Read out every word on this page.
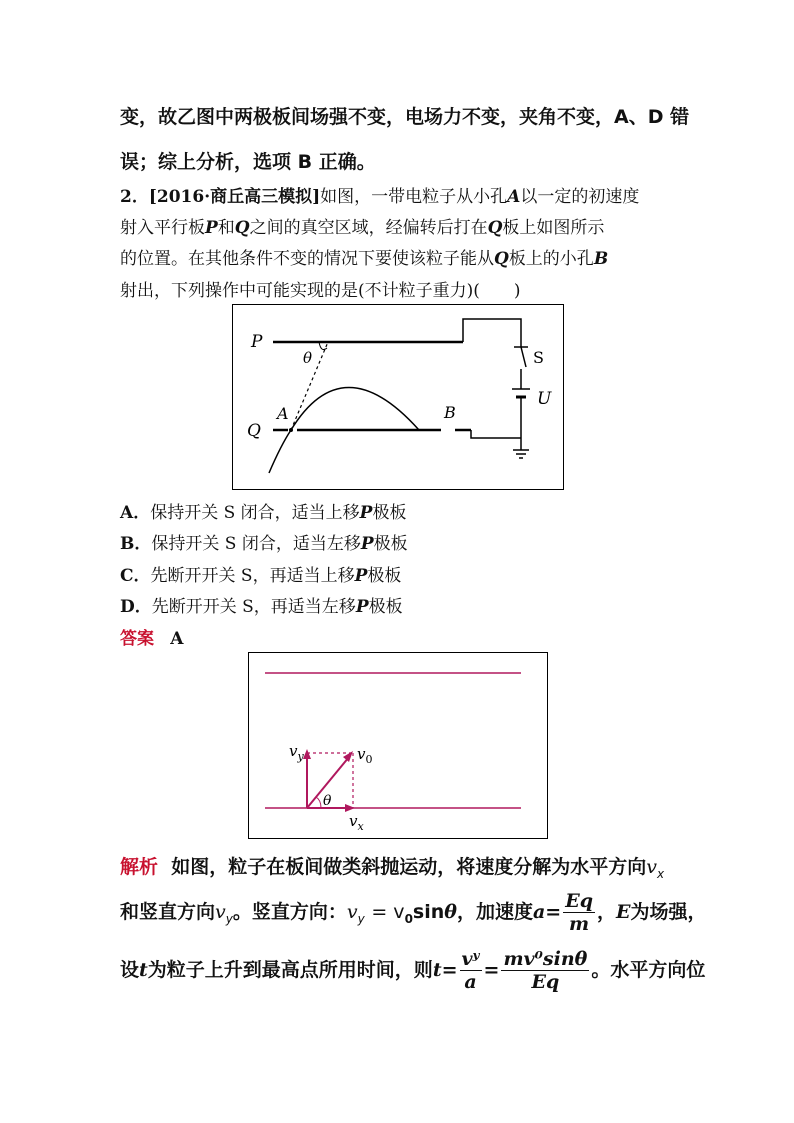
变，故乙图中两极板间场强不变，电场力不变，夹角不变，A、D 错
误；综上分析，选项 B 正确。
2．[2016·商丘高三模拟]如图，一带电粒子从小孔A以一定的初速度
射入平行板P和Q之间的真空区域，经偏转后打在Q板上如图所示
的位置。在其他条件不变的情况下要使该粒子能从Q板上的小孔B
射出，下列操作中可能实现的是(不计粒子重力)(　　)
P
Q
A	B
θ	S
U
A．保持开关 S 闭合，适当上移P极板
B．保持开关 S 闭合，适当左移P极板
C．先断开开关 S，再适当上移P极板
D．先断开开关 S，再适当左移P极板
答案 A
$v_y$	$v_0$
$v_x$
θ
解析 如图，粒子在板间做类斜抛运动，将速度分解为水平方向$v_x$
和竖直方向$v_y$。竖直方向：$v_y = v_0\sin\theta$，加速度$a= \frac{Eq}{m}$ ，E为场强，
设t为粒子上升到最高点所用时间，则$t= \frac{\text{vʸ}}{a} = \frac{\text{mv⁰sinθ}}{Eq}$ 。水平方向位
